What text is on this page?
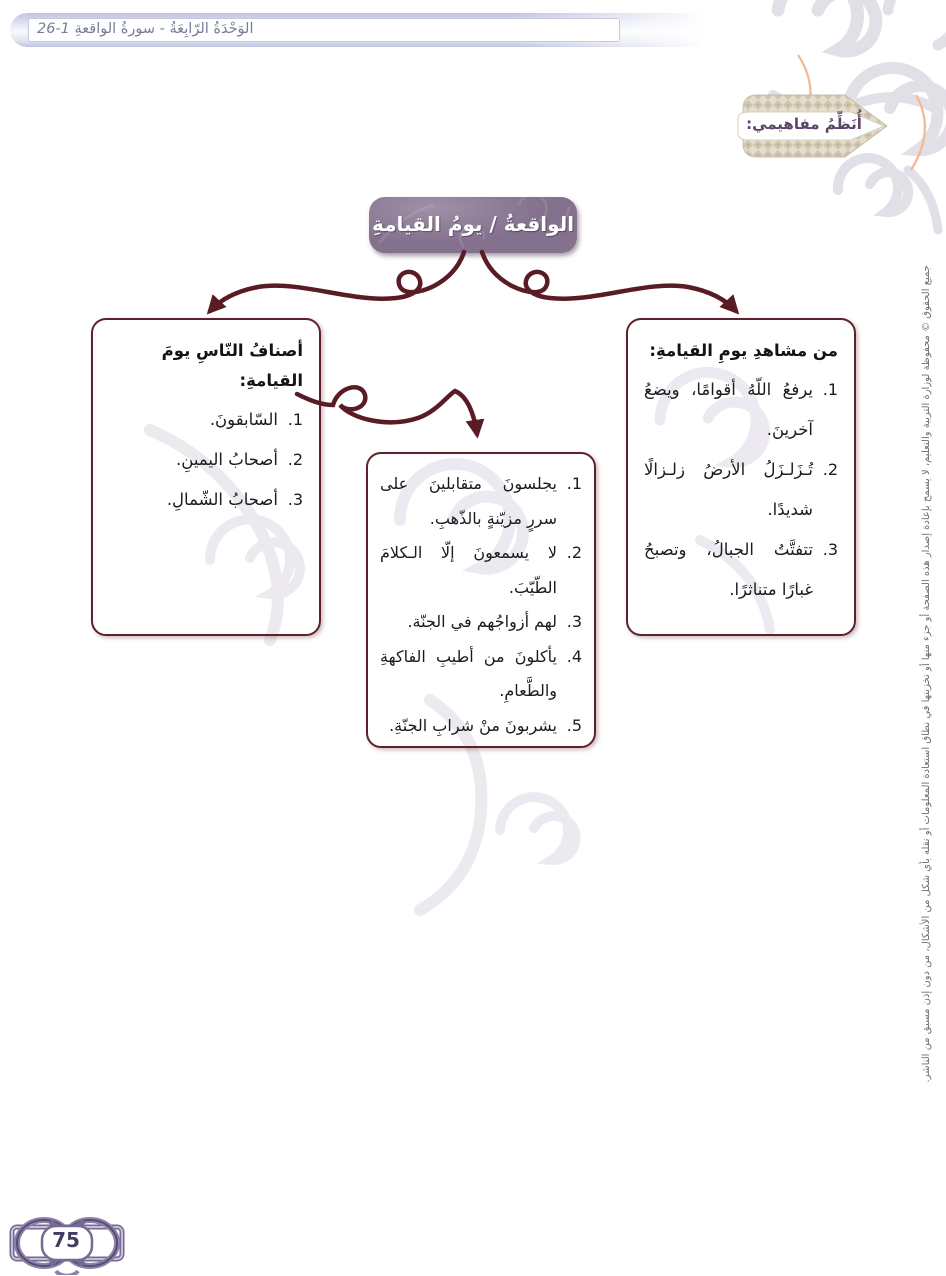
الوَحْدَةُ الرّابِعَةُ - سورةُ الواقعةِ 26-1
أُنَظِّمُ مفاهيمي:
الواقعةُ / يومُ القيامةِ
أصنافُ النّاسِ يومَ القيامةِ:
1.
السّابقونَ.
2.
أصحابُ اليمينِ.
3.
أصحابُ الشّمالِ.
من مشاهدِ يومِ القيامةِ:
1.
يرفعُ اللّهُ أقوامًا، ويضعُ آخرينَ.
2.
تُـزَلـزَلُ الأرضُ زلـزالًا شديدًا.
3.
تتفتَّتُ الجبالُ، وتصبحُ غبارًا متناثرًا.
1.
يجلسونَ متقابلينَ على سررٍ مزيّنةٍ بالذّهبِ.
2.
لا يسمعونَ إلّا الـكلامَ الطّيّبَ.
3.
لهم أزواجُهم في الجنّة.
4.
يأكلونَ من أطيبِ الفاكهةِ والطَّعامِ.
5.
يشربونَ منْ شرابِ الجنّةِ.	جميع الحقوق © محفوظة لوزارة التربية والتعليم، لا يسمح بإعادة إصدار هذه الصفحة أو جزء منها أو تخزينها في نطاق استعادة المعلومات أو نقله بأي شكل من الأشكال، من دون إذن مسبق من الناشر.
75
